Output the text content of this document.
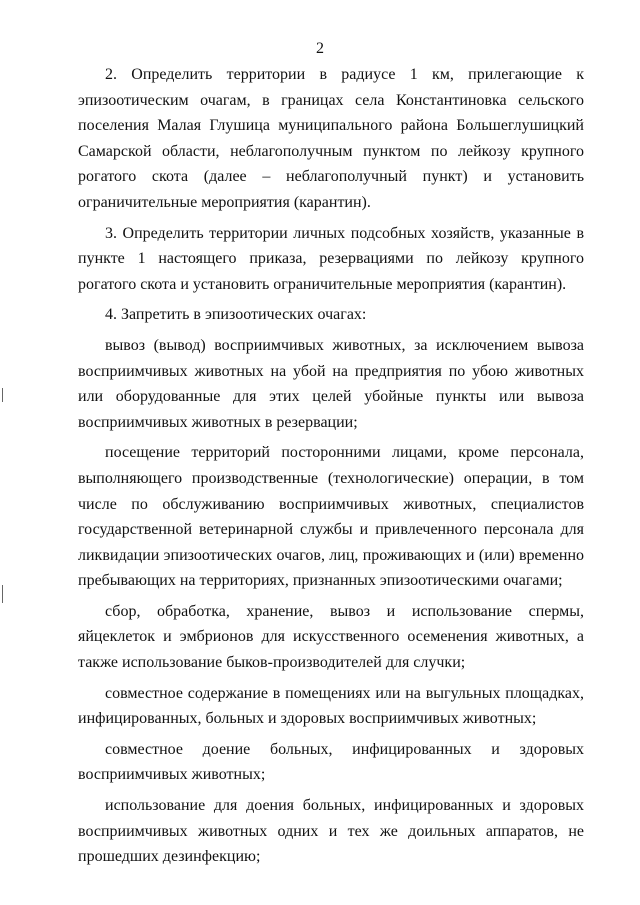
2

2. Определить территории в радиусе 1 км, прилегающие к эпизоотическим очагам, в границах села Константиновка сельского поселения Малая Глушица муниципального района Большеглушицкий Самарской области, неблагополучным пунктом по лейкозу крупного рогатого скота (далее – неблагополучный пункт) и установить ограничительные мероприятия (карантин).

3. Определить территории личных подсобных хозяйств, указанные в пункте 1 настоящего приказа, резервациями по лейкозу крупного рогатого скота и установить ограничительные мероприятия (карантин).

4. Запретить в эпизоотических очагах:

вывоз (вывод) восприимчивых животных, за исключением вывоза восприимчивых животных на убой на предприятия по убою животных или оборудованные для этих целей убойные пункты или вывоза восприимчивых животных в резервации;

посещение территорий посторонними лицами, кроме персонала, выполняющего производственные (технологические) операции, в том числе по обслуживанию восприимчивых животных, специалистов государственной ветеринарной службы и привлеченного персонала для ликвидации эпизоотических очагов, лиц, проживающих и (или) временно пребывающих на территориях, признанных эпизоотическими очагами;

сбор, обработка, хранение, вывоз и использование спермы, яйцеклеток и эмбрионов для искусственного осеменения животных, а также использование быков-производителей для случки;

совместное содержание в помещениях или на выгульных площадках, инфицированных, больных и здоровых восприимчивых животных;

совместное доение больных, инфицированных и здоровых восприимчивых животных;

использование для доения больных, инфицированных и здоровых восприимчивых животных одних и тех же доильных аппаратов, не прошедших дезинфекцию;
